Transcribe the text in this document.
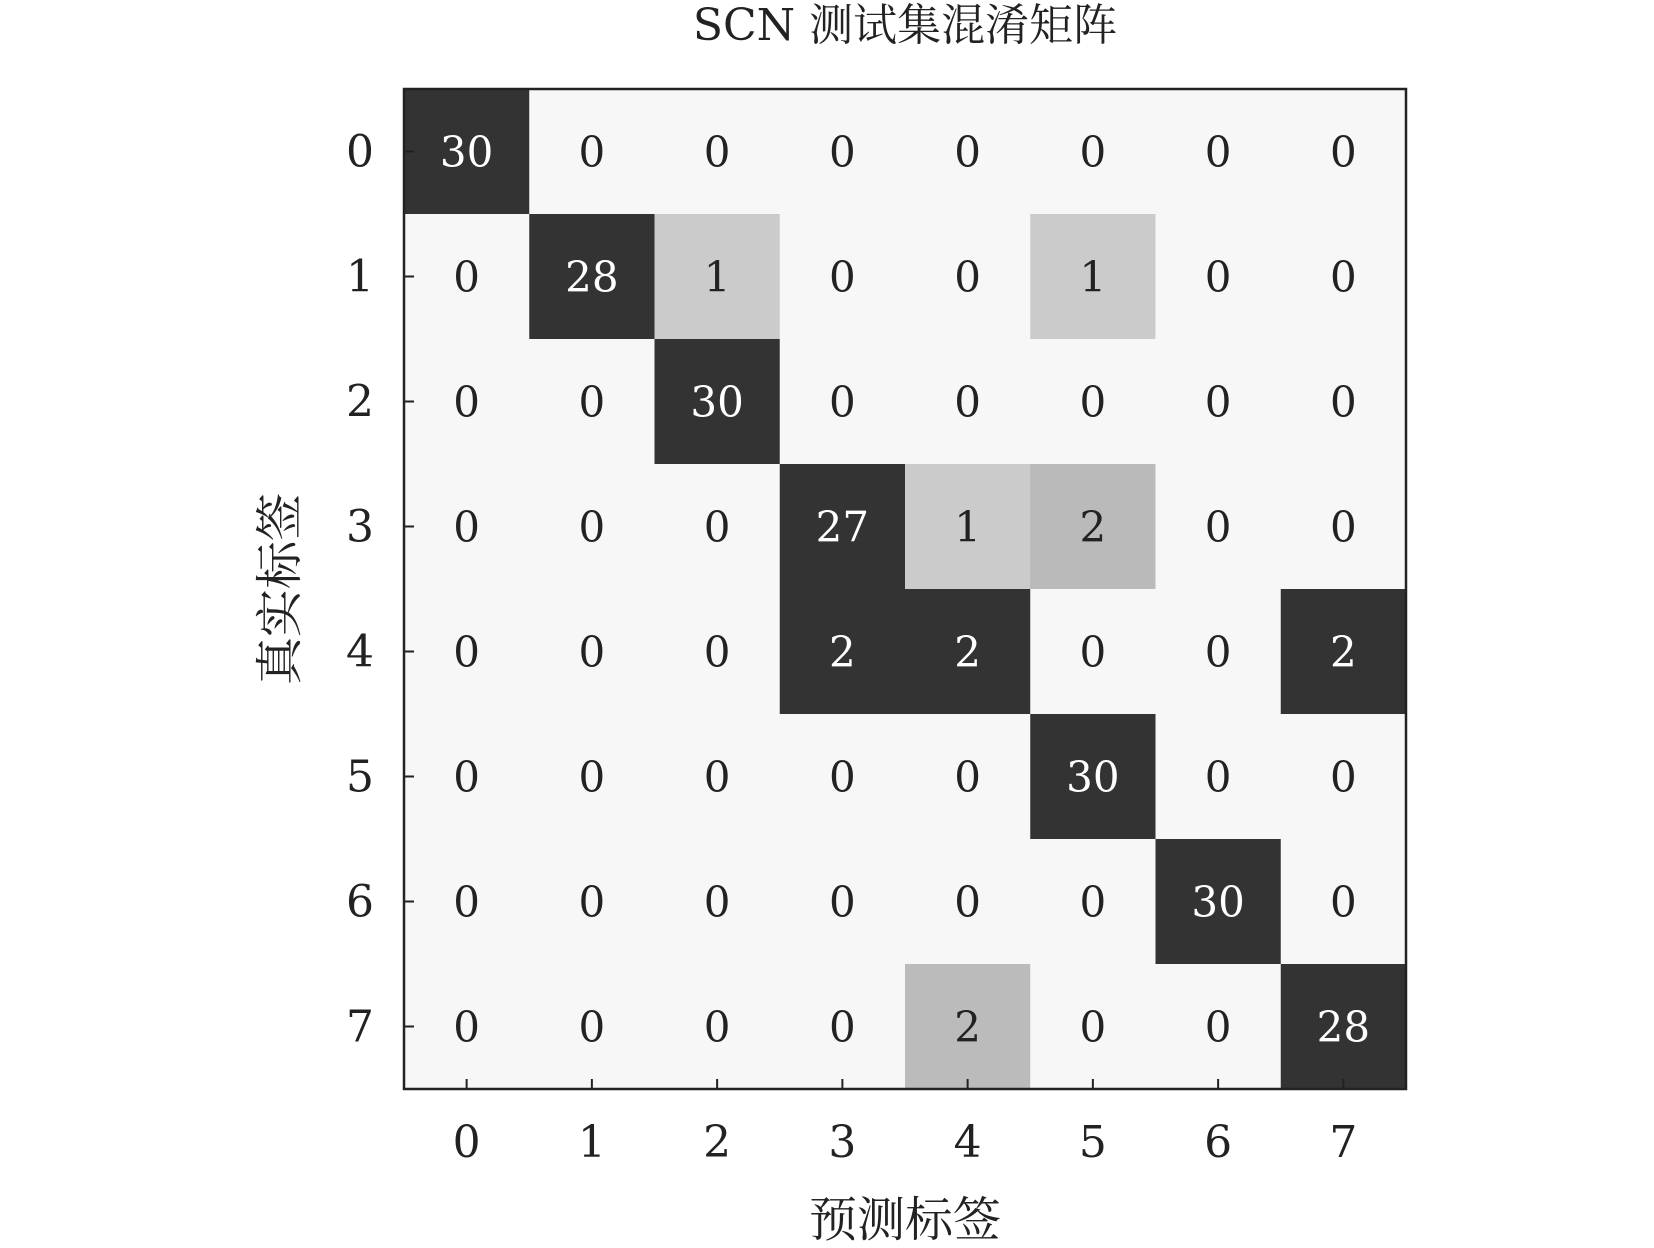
SCN 测试集混淆矩阵
30 0 0 0 0 0 0 0
0 28 1 0 0 1 0 0
0 0 30 0 0 0 0 0
0 0 0 27 1 2 0 0
0 0 0 2 2 0 0 2
0 0 0 0 0 30 0 0
0 0 0 0 0 0 30 0
0 0 0 0 2 0 0 28
0 1 2 3 4 5 6 7
0
1
2
3
4
5
6
7
预测标签
真实标签
